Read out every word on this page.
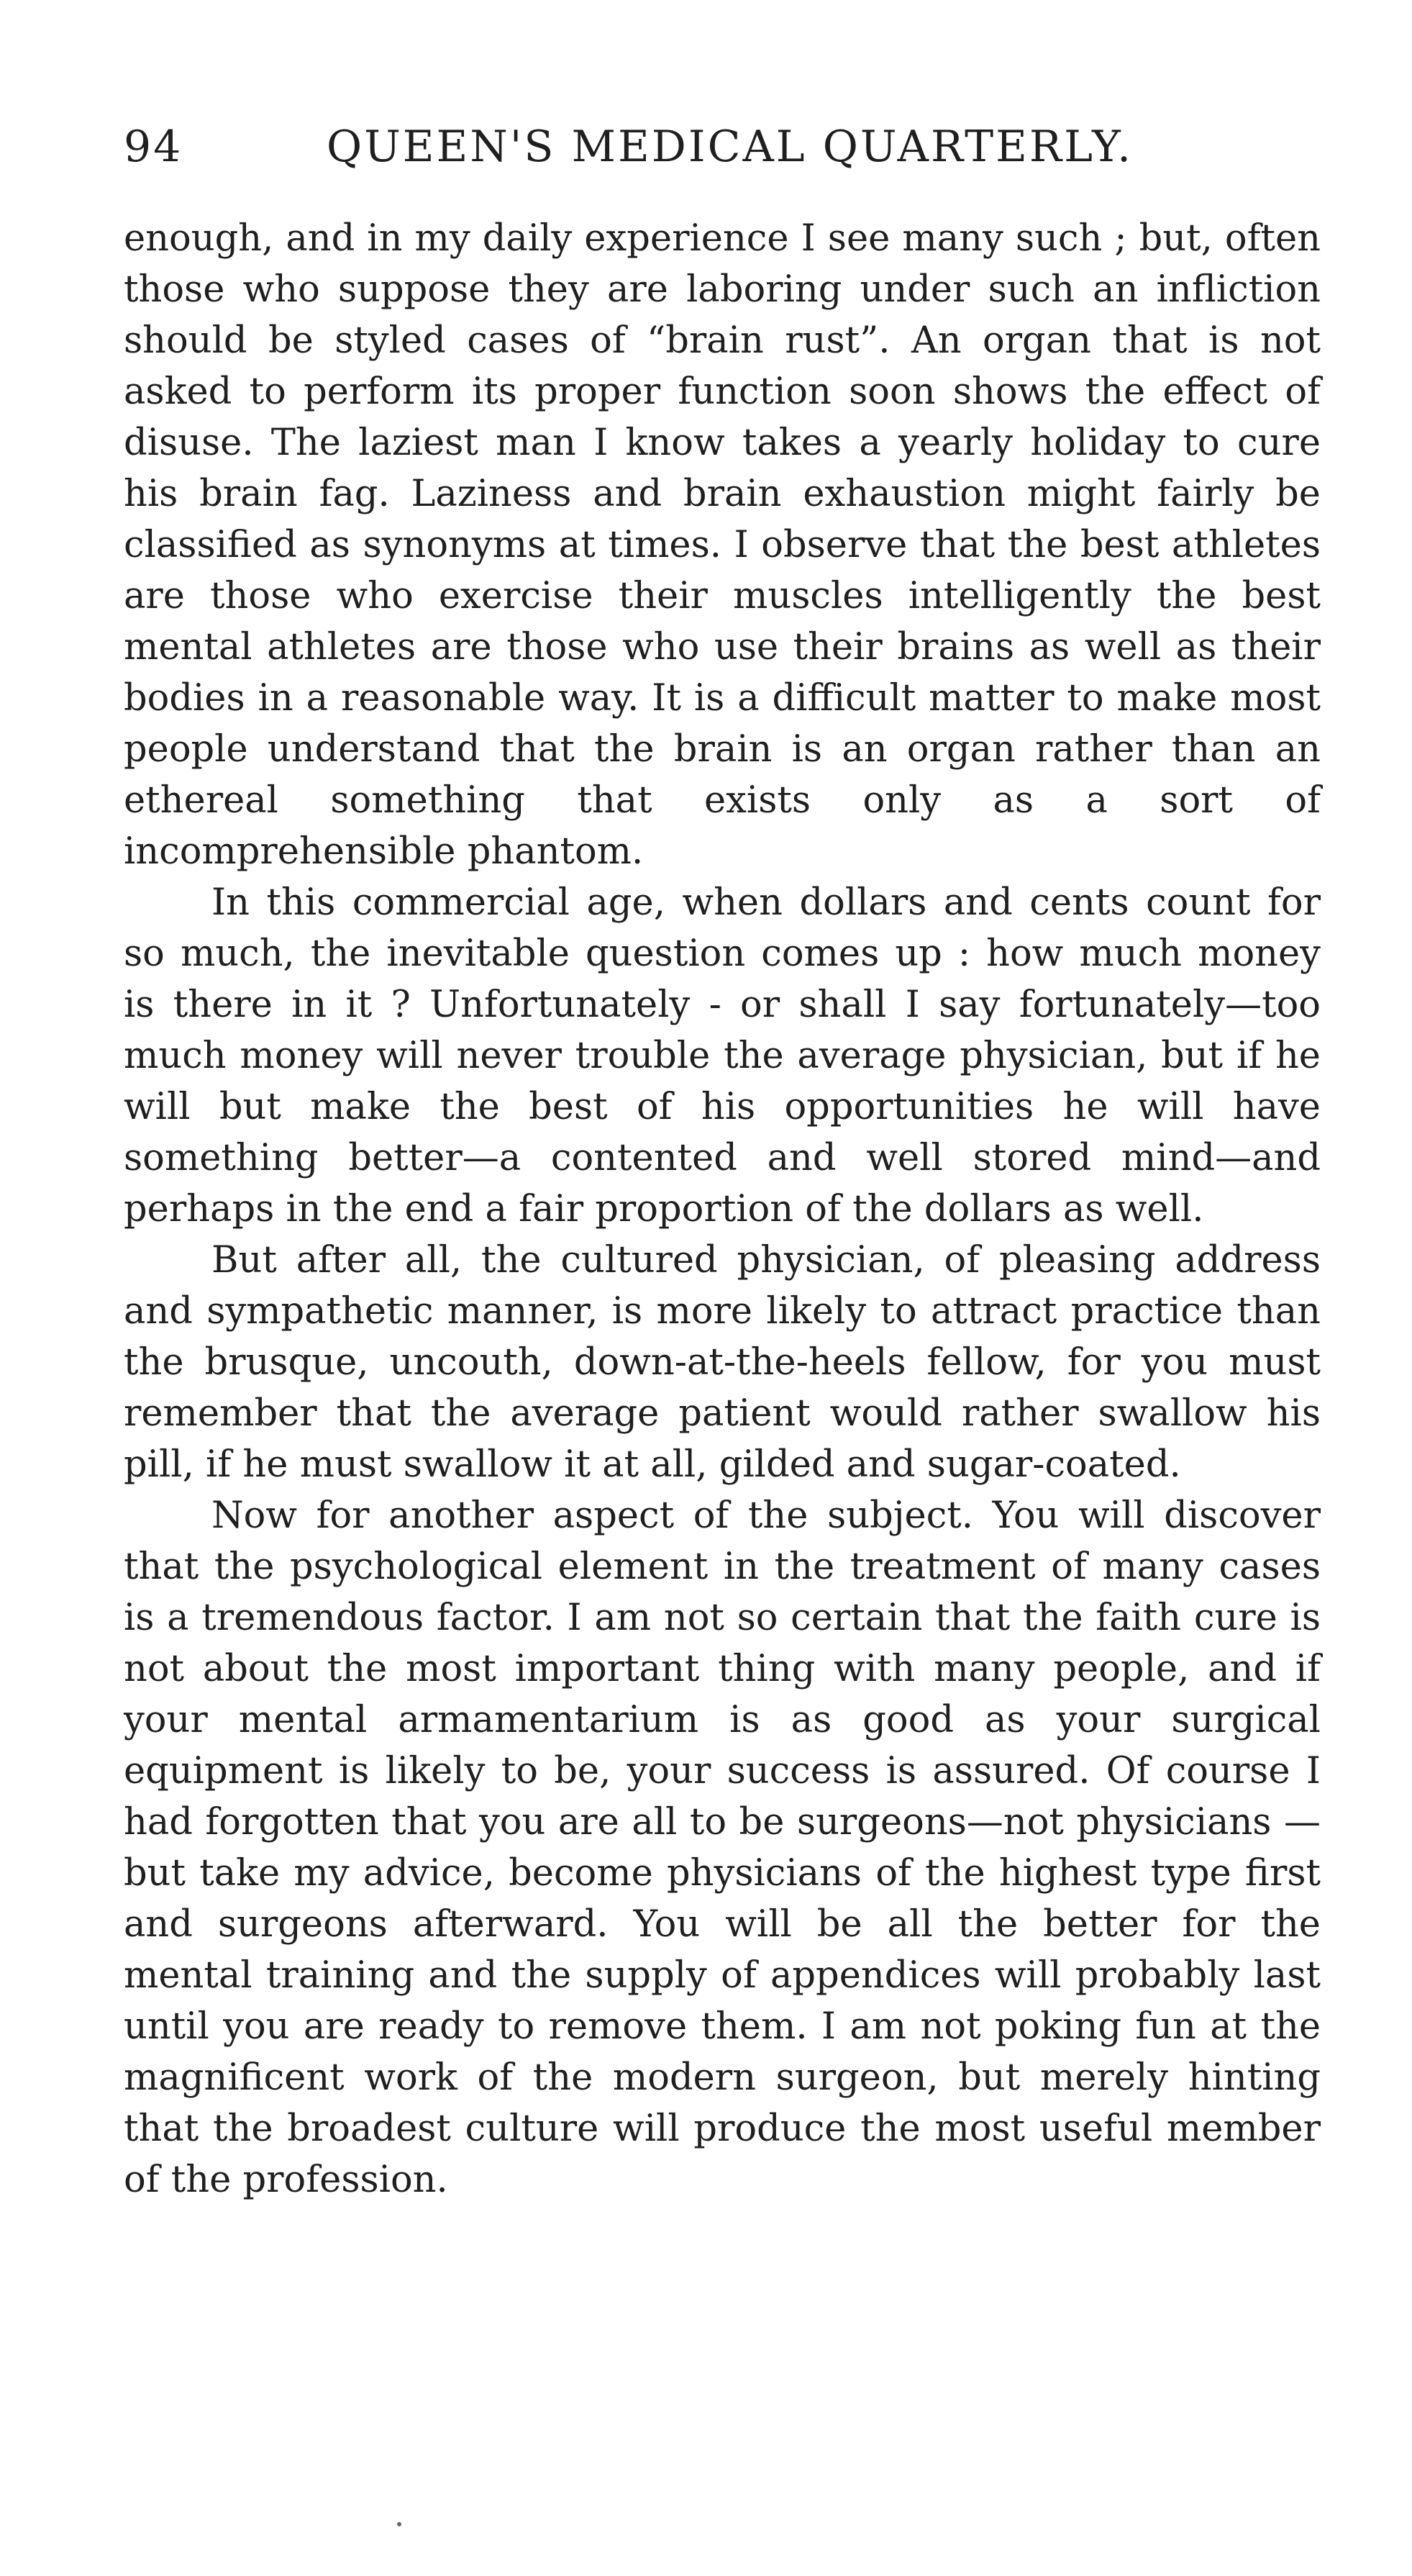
94	QUEEN'S MEDICAL QUARTERLY.

enough, and in my daily experience I see many such ; but, often those who suppose they are laboring under such an infliction should be styled cases of “brain rust”. An organ that is not asked to perform its proper function soon shows the effect of disuse. The laziest man I know takes a yearly holiday to cure his brain fag. Laziness and brain exhaustion might fairly be classified as synonyms at times. I observe that the best athletes are those who exercise their muscles intelligently the best mental athletes are those who use their brains as well as their bodies in a reasonable way. It is a difficult matter to make most people understand that the brain is an organ rather than an ethereal something that exists only as a sort of incomprehensible phantom.

In this commercial age, when dollars and cents count for so much, the inevitable question comes up : how much money is there in it ? Unfortunately - or shall I say fortunately—too much money will never trouble the average physician, but if he will but make the best of his opportunities he will have something better—a contented and well stored mind—and perhaps in the end a fair proportion of the dollars as well.

But after all, the cultured physician, of pleasing address and sympathetic manner, is more likely to attract practice than the brusque, uncouth, down-at-the-heels fellow, for you must remember that the average patient would rather swallow his pill, if he must swallow it at all, gilded and sugar-coated.

Now for another aspect of the subject. You will discover that the psychological element in the treatment of many cases is a tremendous factor. I am not so certain that the faith cure is not about the most important thing with many people, and if your mental armamentarium is as good as your surgical equipment is likely to be, your success is assured. Of course I had forgotten that you are all to be surgeons—not physicians —but take my advice, become physicians of the highest type first and surgeons afterward. You will be all the better for the mental training and the supply of appendices will probably last until you are ready to remove them. I am not poking fun at the magnificent work of the modern surgeon, but merely hinting that the broadest culture will produce the most useful member of the profession.
